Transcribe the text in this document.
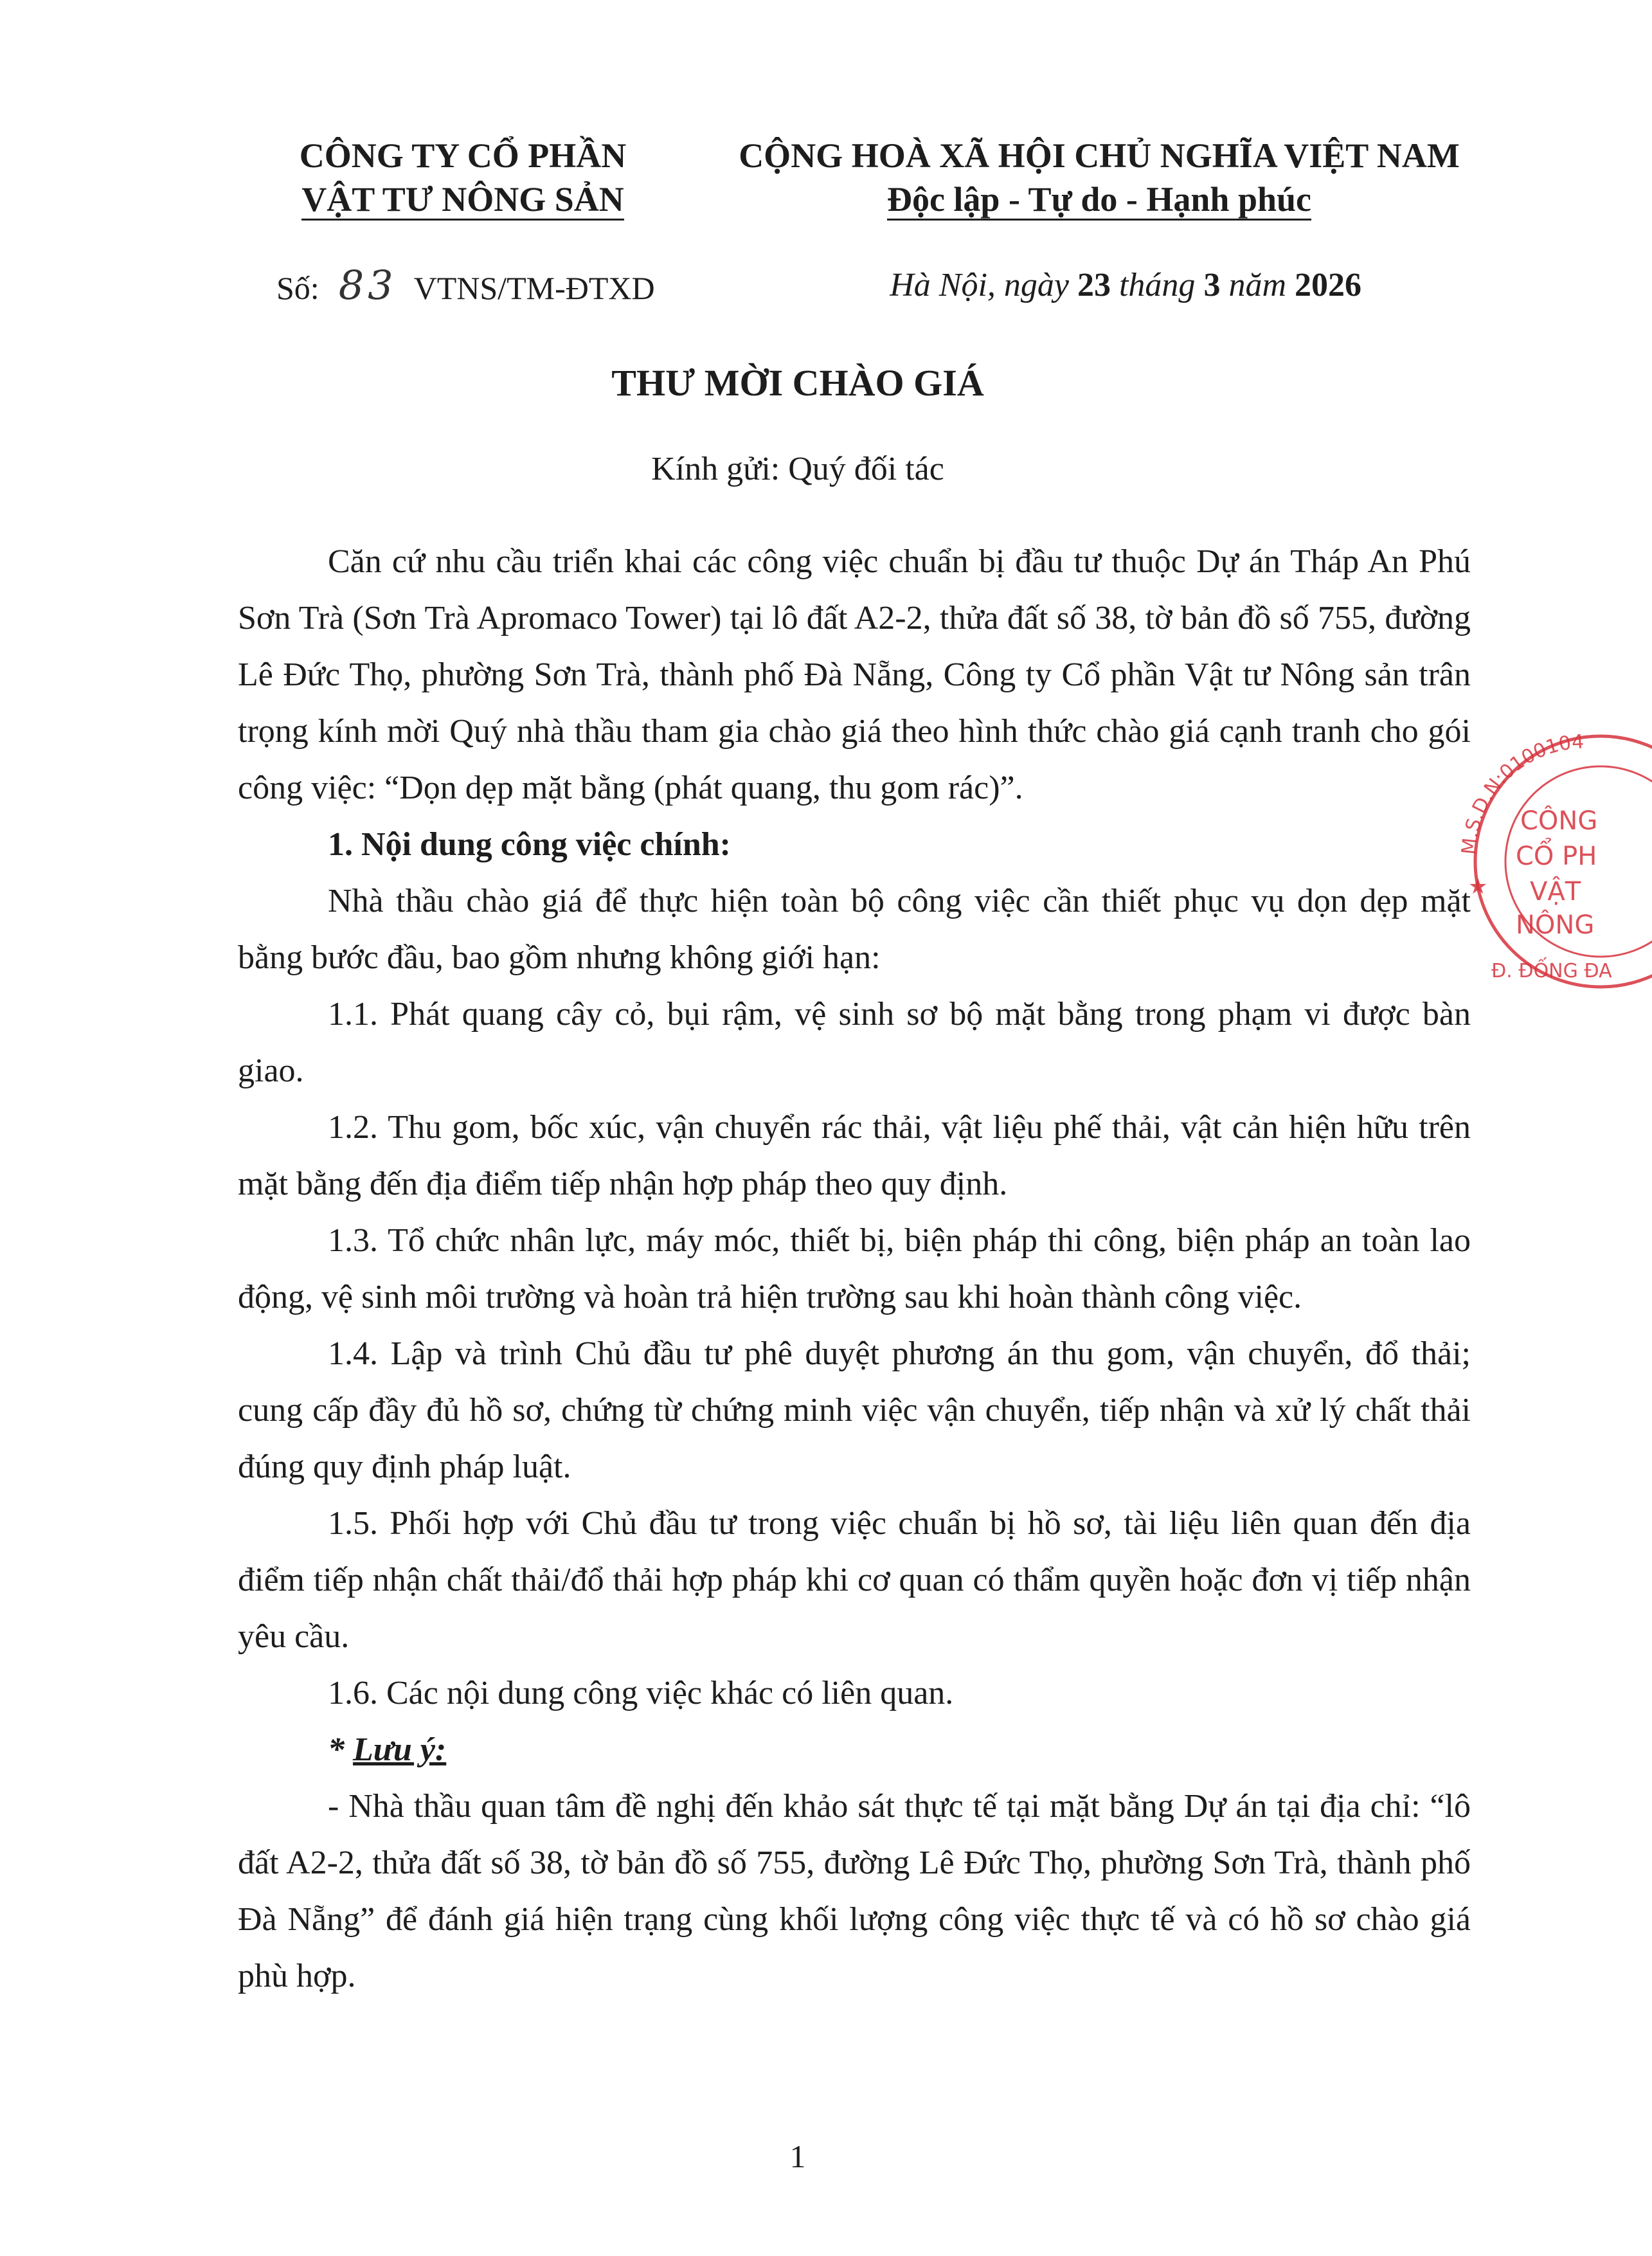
CÔNG TY CỔ PHẦN
VẬT TƯ NÔNG SẢN
CỘNG HOÀ XÃ HỘI CHỦ NGHĨA VIỆT NAM
Độc lập - Tự do - Hạnh phúc
Số: 83 VTNS/TM-ĐTXD	Hà Nội, ngày 23 tháng 3 năm 2026
THƯ MỜI CHÀO GIÁ
Kính gửi: Quý đối tác

Căn cứ nhu cầu triển khai các công việc chuẩn bị đầu tư thuộc Dự án Tháp An Phú Sơn Trà (Sơn Trà Apromaco Tower) tại lô đất A2-2, thửa đất số 38, tờ bản đồ số 755, đường Lê Đức Thọ, phường Sơn Trà, thành phố Đà Nẵng, Công ty Cổ phần Vật tư Nông sản trân trọng kính mời Quý nhà thầu tham gia chào giá theo hình thức chào giá cạnh tranh cho gói công việc: “Dọn dẹp mặt bằng (phát quang, thu gom rác)”.

1. Nội dung công việc chính:

Nhà thầu chào giá để thực hiện toàn bộ công việc cần thiết phục vụ dọn dẹp mặt bằng bước đầu, bao gồm nhưng không giới hạn:

1.1. Phát quang cây cỏ, bụi rậm, vệ sinh sơ bộ mặt bằng trong phạm vi được bàn giao.

1.2. Thu gom, bốc xúc, vận chuyển rác thải, vật liệu phế thải, vật cản hiện hữu trên mặt bằng đến địa điểm tiếp nhận hợp pháp theo quy định.

1.3. Tổ chức nhân lực, máy móc, thiết bị, biện pháp thi công, biện pháp an toàn lao động, vệ sinh môi trường và hoàn trả hiện trường sau khi hoàn thành công việc.

1.4. Lập và trình Chủ đầu tư phê duyệt phương án thu gom, vận chuyển, đổ thải; cung cấp đầy đủ hồ sơ, chứng từ chứng minh việc vận chuyển, tiếp nhận và xử lý chất thải đúng quy định pháp luật.

1.5. Phối hợp với Chủ đầu tư trong việc chuẩn bị hồ sơ, tài liệu liên quan đến địa điểm tiếp nhận chất thải/đổ thải hợp pháp khi cơ quan có thẩm quyền hoặc đơn vị tiếp nhận yêu cầu.

1.6. Các nội dung công việc khác có liên quan.

* Lưu ý:

- Nhà thầu quan tâm đề nghị đến khảo sát thực tế tại mặt bằng Dự án tại địa chỉ: “lô đất A2-2, thửa đất số 38, tờ bản đồ số 755, đường Lê Đức Thọ, phường Sơn Trà, thành phố Đà Nẵng” để đánh giá hiện trạng cùng khối lượng công việc thực tế và có hồ sơ chào giá phù hợp.

1
M.S.D.N:0100104
CÔNG
CỔ PH
VẬT
NÔNG
Đ. ĐỐNG ĐA
★
